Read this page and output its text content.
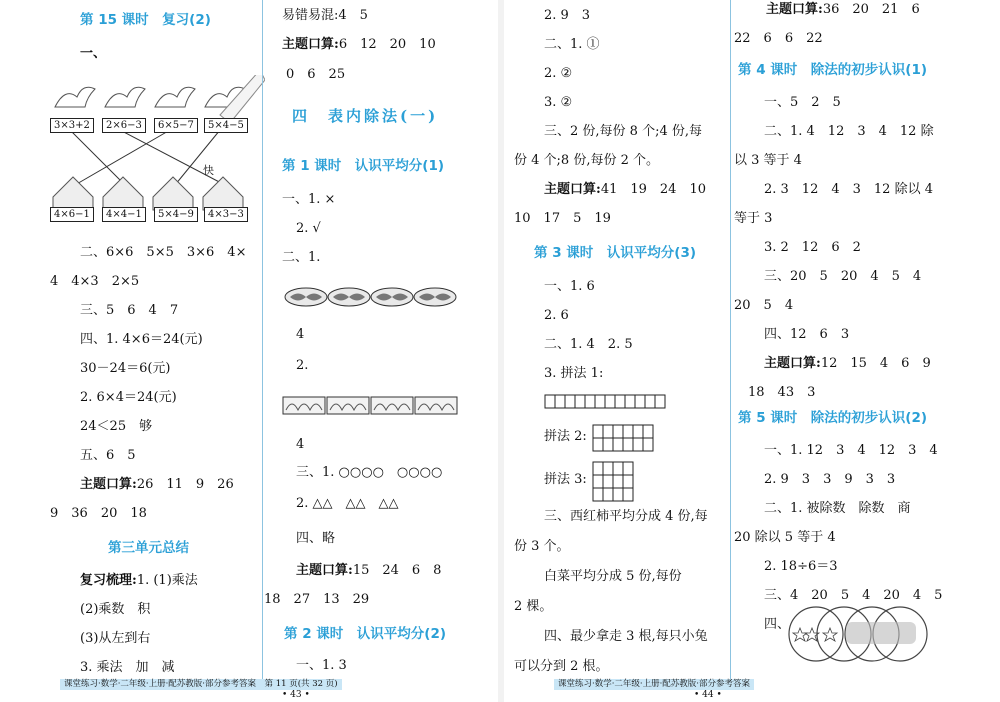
第 15 课时　复习(2)
一、
3×3+2	2×6−3	6×5−7	5×4−5
4×6−1	4×4−1	5×4−9	4×3−3
快
二、6×6　5×5　3×6　4×
4　4×3　2×5
三、5　6　4　7
四、1. 4×6＝24(元)
30－24＝6(元)
2. 6×4＝24(元)
24＜25　够
五、6　5
主题口算:26　11　9　26
9　36　20　18
第三单元总结
复习梳理:1. (1)乘法
(2)乘数　积
(3)从左到右
3. 乘法　加　减
易错易混:4　5
主题口算:6　12　20　10
0　6　25
四　表内除法(一)
第 1 课时　认识平均分(1)
一、1. ×
2. √
二、1.
4
2.
4
三、1. ○○○○　○○○○
2. △△　△△　△△
四、略
主题口算:15　24　6　8
18　27　13　29
第 2 课时　认识平均分(2)
一、1. 3
课堂练习·数学·二年级·上册·配苏教版·部分参考答案　第 11 页(共 32 页)
• 43 •
2. 9　3
二、1. ①
2. ②
3. ②
三、2 份,每份 8 个;4 份,每
份 4 个;8 份,每份 2 个。
主题口算:41　19　24　10
10　17　5　19
第 3 课时　认识平均分(3)
一、1. 6
2. 6
二、1. 4　2. 5
3. 拼法 1:
拼法 2:
拼法 3:
三、西红柿平均分成 4 份,每
份 3 个。
白菜平均分成 5 份,每份
2 棵。
四、最少拿走 3 根,每只小兔
可以分到 2 根。
主题口算:36　20　21　6
22　6　6　22
第 4 课时　除法的初步认识(1)
一、5　2　5
二、1. 4　12　3　4　12 除
以 3 等于 4
2. 3　12　4　3　12 除以 4
等于 3
3. 2　12　6　2
三、20　5　20　4　5　4
20　5　4
四、12　6　3
主题口算:12　15　4　6　9
18　43　3
第 5 课时　除法的初步认识(2)
一、1. 12　3　4　12　3　4
2. 9　3　3　9　3　3
二、1. 被除数　除数　商
20 除以 5 等于 4
2. 18÷6＝3
三、4　20　5　4　20　4　5
四、
课堂练习·数学·二年级·上册·配苏教版·部分参考答案
• 44 •
